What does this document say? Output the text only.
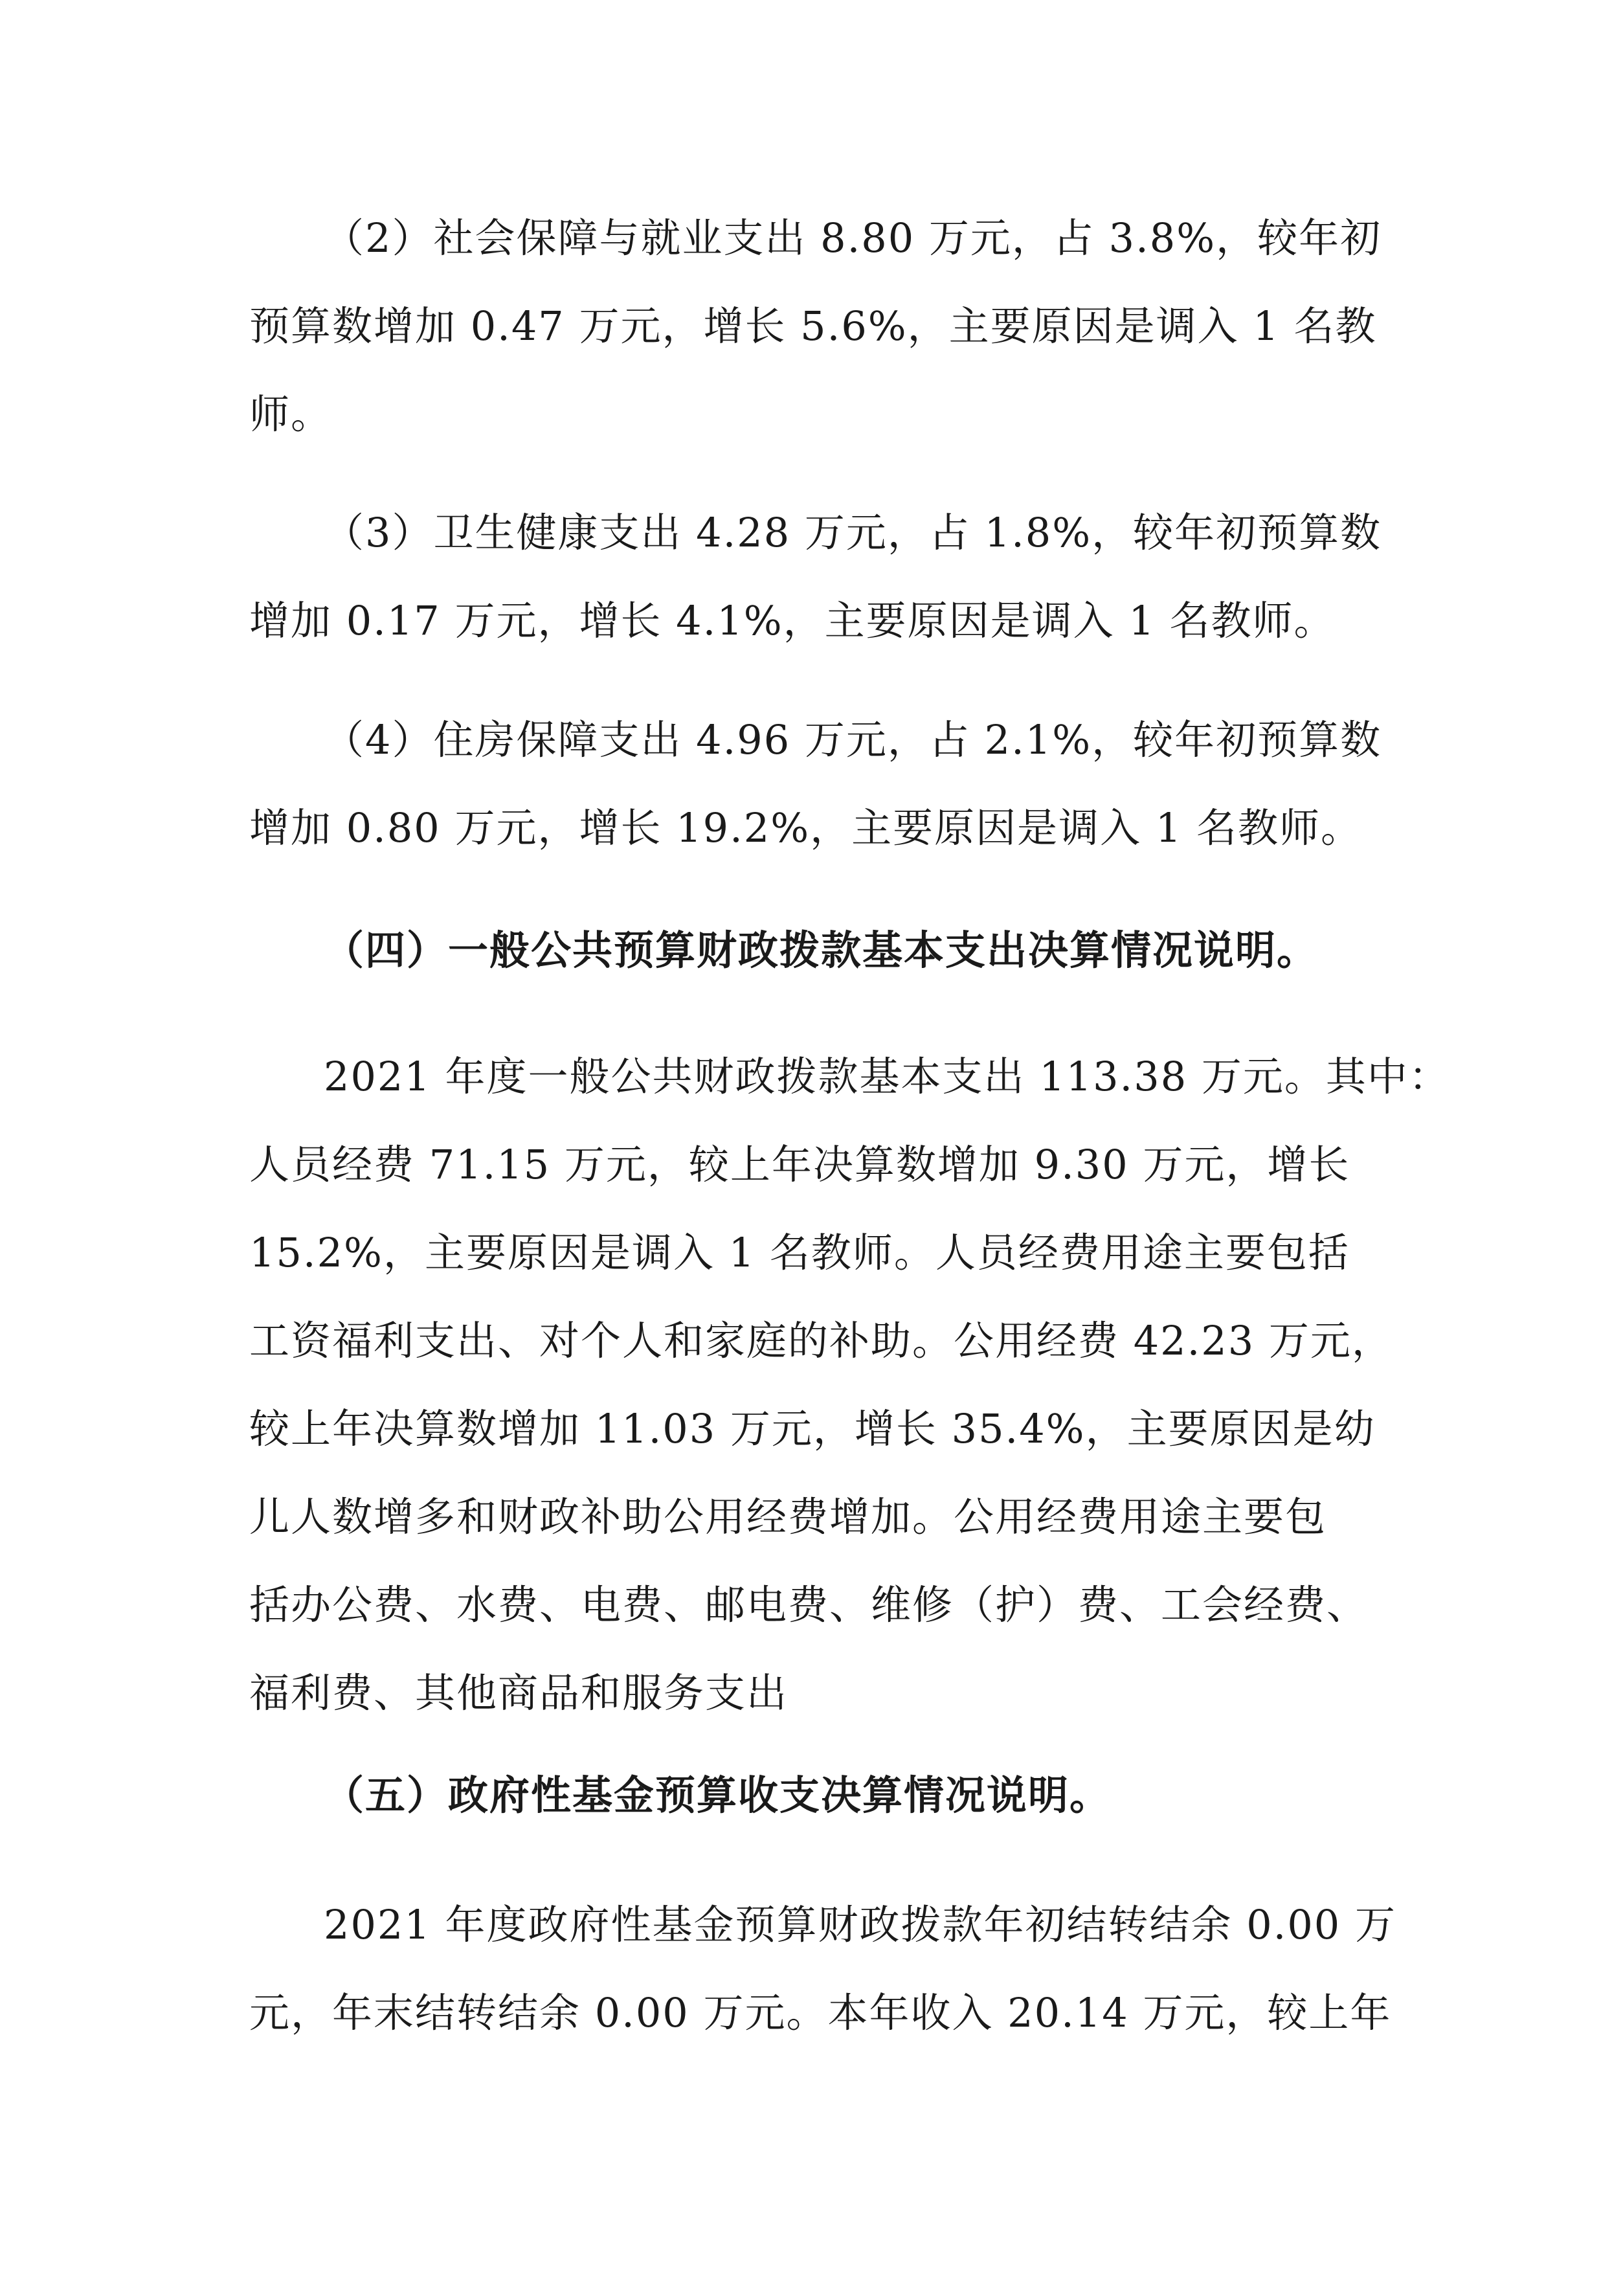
（2）社会保障与就业支出 8.80 万元，占 3.8%，较年初
预算数增加 0.47 万元，增长 5.6%，主要原因是调入 1 名教
师。

（3）卫生健康支出 4.28 万元，占 1.8%，较年初预算数
增加 0.17 万元，增长 4.1%，主要原因是调入 1 名教师。

（4）住房保障支出 4.96 万元，占 2.1%，较年初预算数
增加 0.80 万元，增长 19.2%，主要原因是调入 1 名教师。

（四）一般公共预算财政拨款基本支出决算情况说明。

2021 年度一般公共财政拨款基本支出 113.38 万元。其中：
人员经费 71.15 万元，较上年决算数增加 9.30 万元，增长
15.2%，主要原因是调入 1 名教师。人员经费用途主要包括
工资福利支出、对个人和家庭的补助。公用经费 42.23 万元，
较上年决算数增加 11.03 万元，增长 35.4%，主要原因是幼
儿人数增多和财政补助公用经费增加。公用经费用途主要包
括办公费、水费、电费、邮电费、维修（护）费、工会经费、
福利费、其他商品和服务支出

（五）政府性基金预算收支决算情况说明。

2021 年度政府性基金预算财政拨款年初结转结余 0.00 万
元，年末结转结余 0.00 万元。本年收入 20.14 万元，较上年
